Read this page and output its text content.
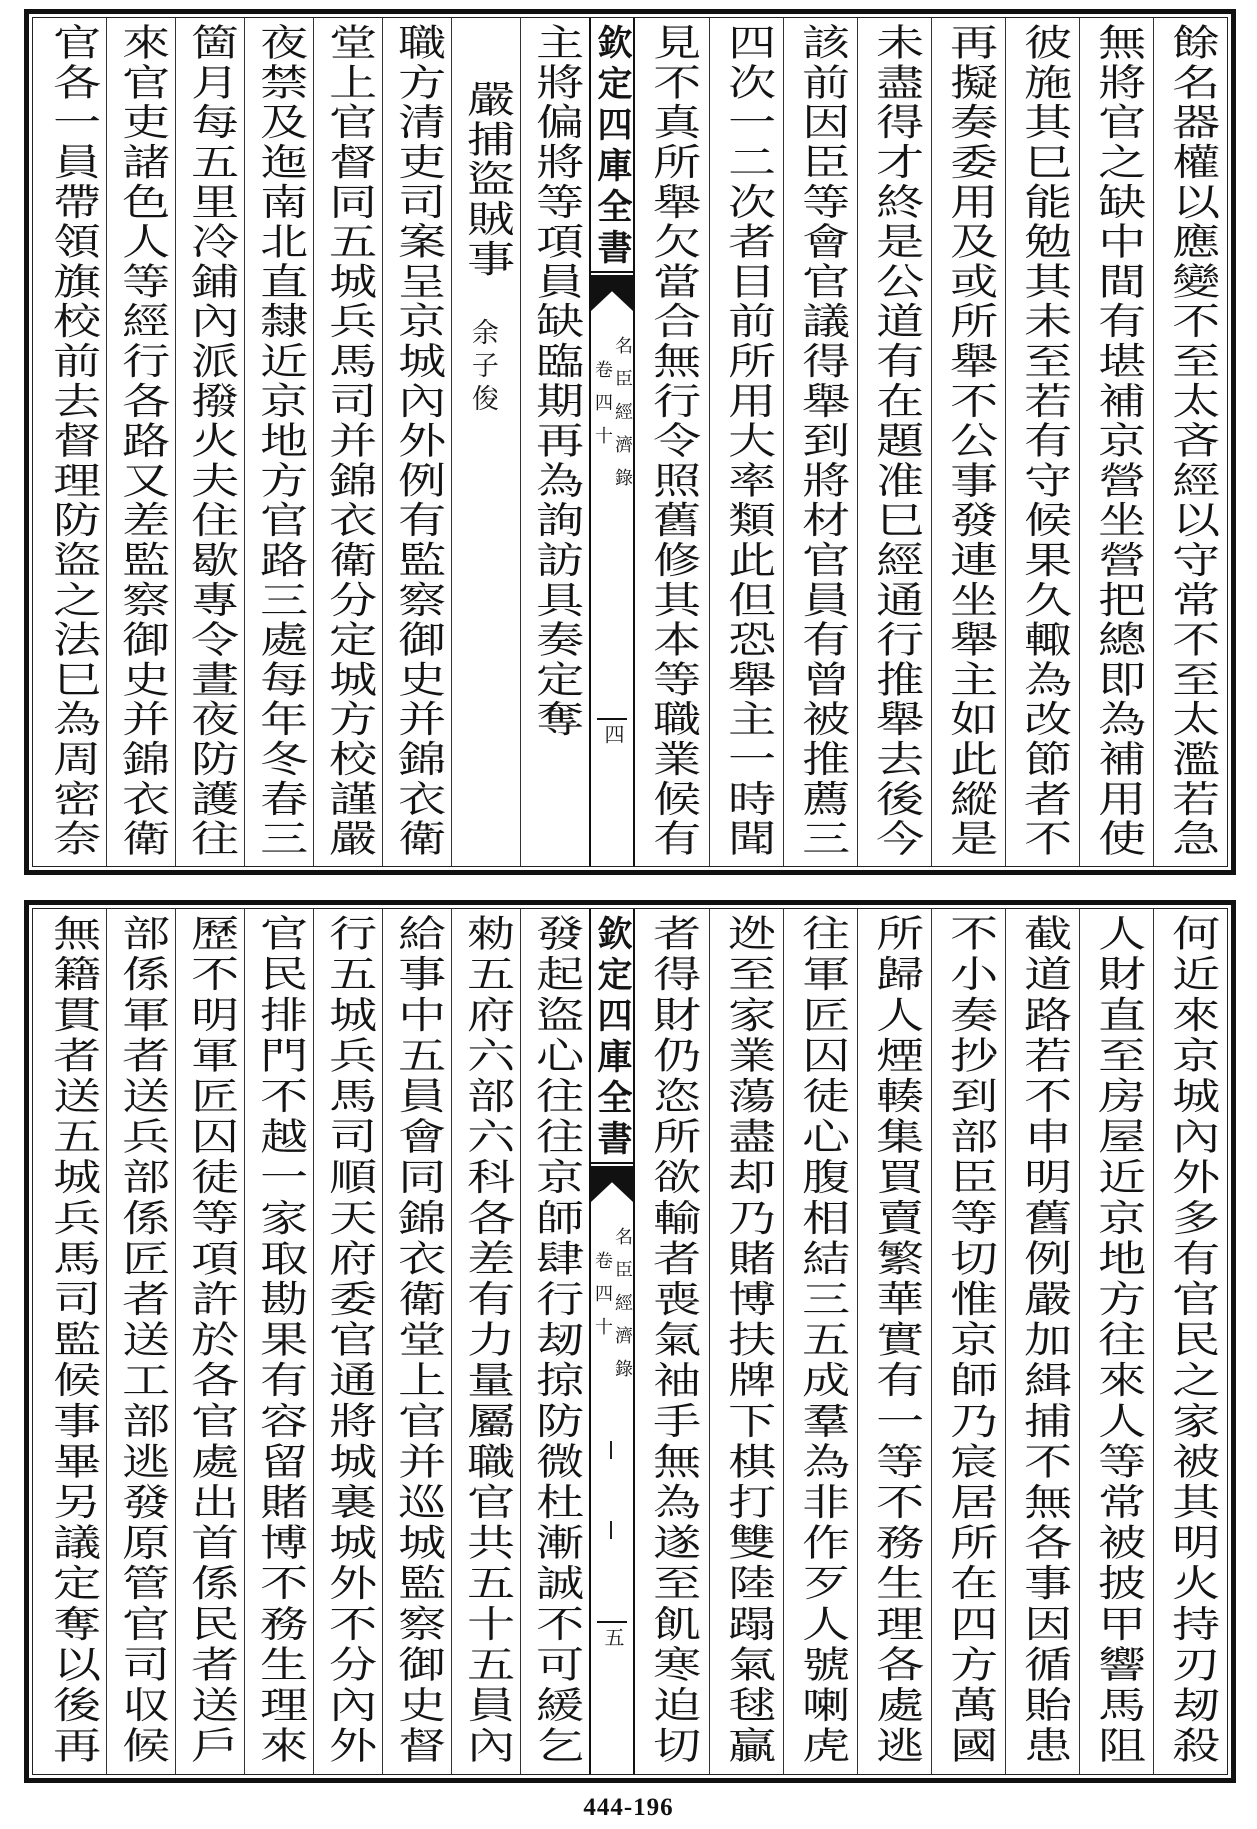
餘名器權以應變不至太吝經以守常不至太濫若急
無將官之缺中間有堪補京營坐營把總即為補用使
彼施其巳能勉其未至若有守候果久輙為改節者不
再擬奏委用及或所舉不公事發連坐舉主如此縱是
未盡得才終是公道有在題准巳經通行推舉去後今
該前因臣等會官議得舉到將材官員有曾被推薦三
四次一二次者目前所用大率類此但恐舉主一時聞
見不真所舉欠當合無行令照舊修其本等職業候有
欽定四庫全書
名臣經濟錄
卷四十
四
主將偏將等項員缺臨期再為詢訪具奏定奪
嚴捕盜賊事
余子俊
職方清吏司案呈京城內外例有監察御史并錦衣衛
堂上官督同五城兵馬司并錦衣衛分定城方校謹嚴
夜禁及迤南北直隸近京地方官路三處每年冬春三
箇月每五里冷鋪內派撥火夫住歇專令晝夜防護往
來官吏諸色人等經行各路又差監察御史并錦衣衛
官各一員帶領旗校前去督理防盜之法巳為周密奈
何近來京城內外多有官民之家被其明火持刃刼殺
人財直至房屋近京地方往來人等常被披甲響馬阻
截道路若不申明舊例嚴加緝捕不無各事因循貽患
不小奏抄到部臣等切惟京師乃宸居所在四方萬國
所歸人煙輳集買賣繁華實有一等不務生理各處逃
往軍匠囚徒心腹相結三五成羣為非作歹人號喇虎
迯至家業蕩盡却乃賭博扶牌下棋打雙陸蹋氣毬贏
者得財仍恣所欲輸者喪氣袖手無為遂至飢寒迫切
欽定四庫全書
名臣經濟錄
卷四十
五
發起盜心往往京師肆行刼掠防微杜漸誠不可緩乞
勑五府六部六科各差有力量屬職官共五十五員內
給事中五員會同錦衣衛堂上官并巡城監察御史督
行五城兵馬司順天府委官通將城裏城外不分內外
官民排門不越一家取勘果有容留賭博不務生理來
歷不明軍匠囚徒等項許於各官處出首係民者送戶
部係軍者送兵部係匠者送工部逃發原管官司収候
無籍貫者送五城兵馬司監候事畢另議定奪以後再
444-196
